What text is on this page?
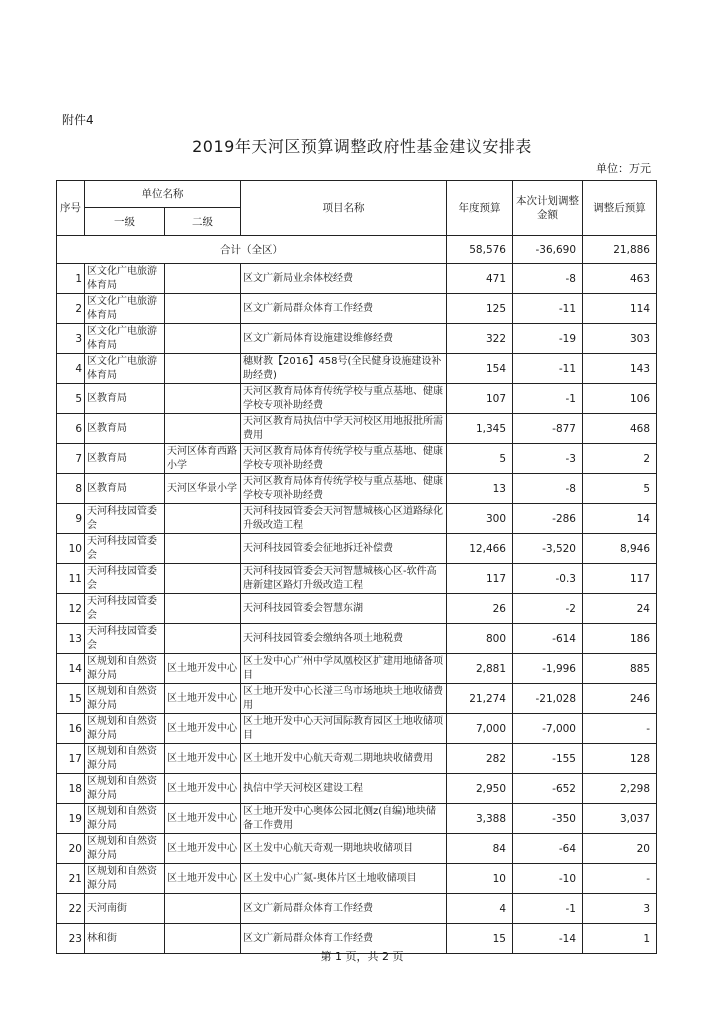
附件4
2019年天河区预算调整政府性基金建议安排表
单位：万元
序号	单位名称		项目名称	年度预算	本次计划调整金额	调整后预算
	一级	二级				
合计（全区）				58,576	-36,690	21,886
1	区文化广电旅游体育局		区文广新局业余体校经费	471	-8	463
2	区文化广电旅游体育局		区文广新局群众体育工作经费	125	-11	114
3	区文化广电旅游体育局		区文广新局体育设施建设维修经费	322	-19	303
4	区文化广电旅游体育局		穗财教【2016】458号(全民健身设施建设补助经费)	154	-11	143
5	区教育局		天河区教育局体育传统学校与重点基地、健康学校专项补助经费	107	-1	106
6	区教育局		天河区教育局执信中学天河校区用地报批所需费用	1,345	-877	468
7	区教育局	天河区体育西路小学	天河区教育局体育传统学校与重点基地、健康学校专项补助经费	5	-3	2
8	区教育局	天河区华景小学	天河区教育局体育传统学校与重点基地、健康学校专项补助经费	13	-8	5
9	天河科技园管委会		天河科技园管委会天河智慧城核心区道路绿化升级改造工程	300	-286	14
10	天河科技园管委会		天河科技园管委会征地拆迁补偿费	12,466	-3,520	8,946
11	天河科技园管委会		天河科技园管委会天河智慧城核心区-软件高唐新建区路灯升级改造工程	117	-0.3	117
12	天河科技园管委会		天河科技园管委会智慧东湖	26	-2	24
13	天河科技园管委会		天河科技园管委会缴纳各项土地税费	800	-614	186
14	区规划和自然资源分局	区土地开发中心	区土发中心广州中学凤凰校区扩建用地储备项目	2,881	-1,996	885
15	区规划和自然资源分局	区土地开发中心	区土地开发中心长湴三鸟市场地块土地收储费用	21,274	-21,028	246
16	区规划和自然资源分局	区土地开发中心	区土地开发中心天河国际教育园区土地收储项目	7,000	-7,000	-
17	区规划和自然资源分局	区土地开发中心	区土地开发中心航天奇观二期地块收储费用	282	-155	128
18	区规划和自然资源分局	区土地开发中心	执信中学天河校区建设工程	2,950	-652	2,298
19	区规划和自然资源分局	区土地开发中心	区土地开发中心奥体公园北侧z(自编)地块储备工作费用	3,388	-350	3,037
20	区规划和自然资源分局	区土地开发中心	区土发中心航天奇观一期地块收储项目	84	-64	20
21	区规划和自然资源分局	区土地开发中心	区土发中心广氮-奥体片区土地收储项目	10	-10	-
22	天河南街		区文广新局群众体育工作经费	4	-1	3
23	林和街		区文广新局群众体育工作经费	15	-14	1
第 1 页，共 2 页
